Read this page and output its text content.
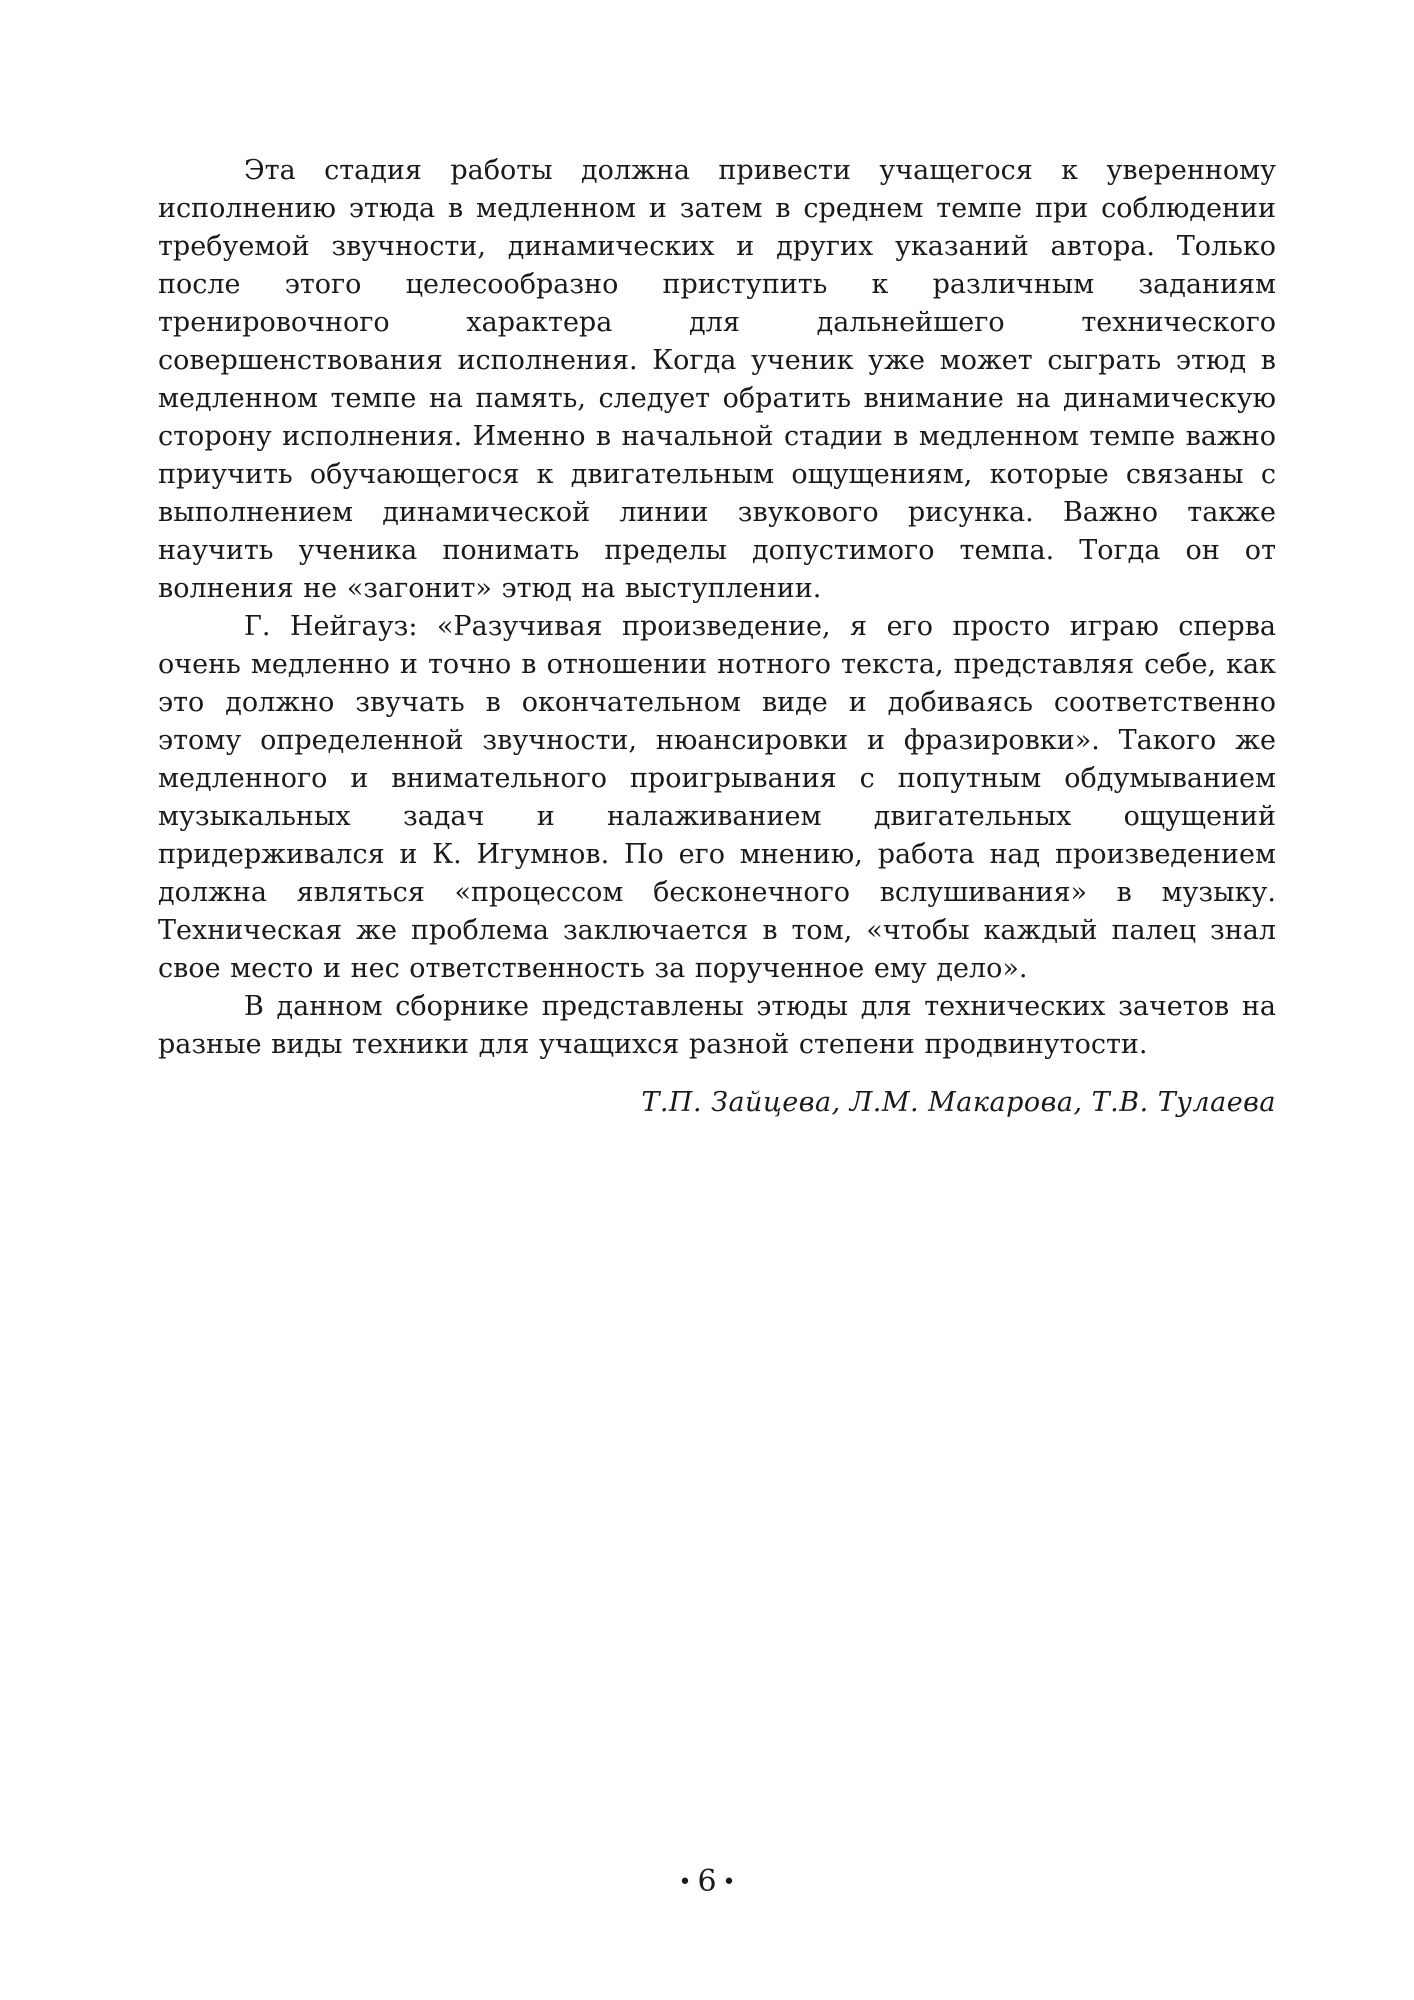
Эта стадия работы должна привести учащегося к уверенному исполнению этюда в медленном и затем в среднем темпе при соблюдении требуемой звучности, динамических и других указаний автора. Только после этого целесообразно приступить к различным заданиям тренировочного характера для дальнейшего технического совершенствования исполнения. Когда ученик уже может сыграть этюд в медленном темпе на память, следует обратить внимание на динамическую сторону исполнения. Именно в начальной стадии в медленном темпе важно приучить обучающегося к двигательным ощущениям, которые связаны с выполнением динамической линии звукового рисунка. Важно также научить ученика понимать пределы допустимого темпа. Тогда он от волнения не «загонит» этюд на выступлении.

Г. Нейгауз: «Разучивая произведение, я его просто играю сперва очень медленно и точно в отношении нотного текста, представляя себе, как это должно звучать в окончательном виде и добиваясь соответственно этому определенной звучности, нюансировки и фразировки». Такого же медленного и внимательного проигрывания с попутным обдумыванием музыкальных задач и налаживанием двигательных ощущений придерживался и К. Игумнов. По его мнению, работа над произведением должна являться «процессом бесконечного вслушивания» в музыку. Техническая же проблема заключается в том, «чтобы каждый палец знал свое место и нес ответственность за порученное ему дело».

В данном сборнике представлены этюды для технических зачетов на разные виды техники для учащихся разной степени продвинутости.

Т.П. Зайцева, Л.М. Макарова, Т.В. Тулаева

• 6 •
